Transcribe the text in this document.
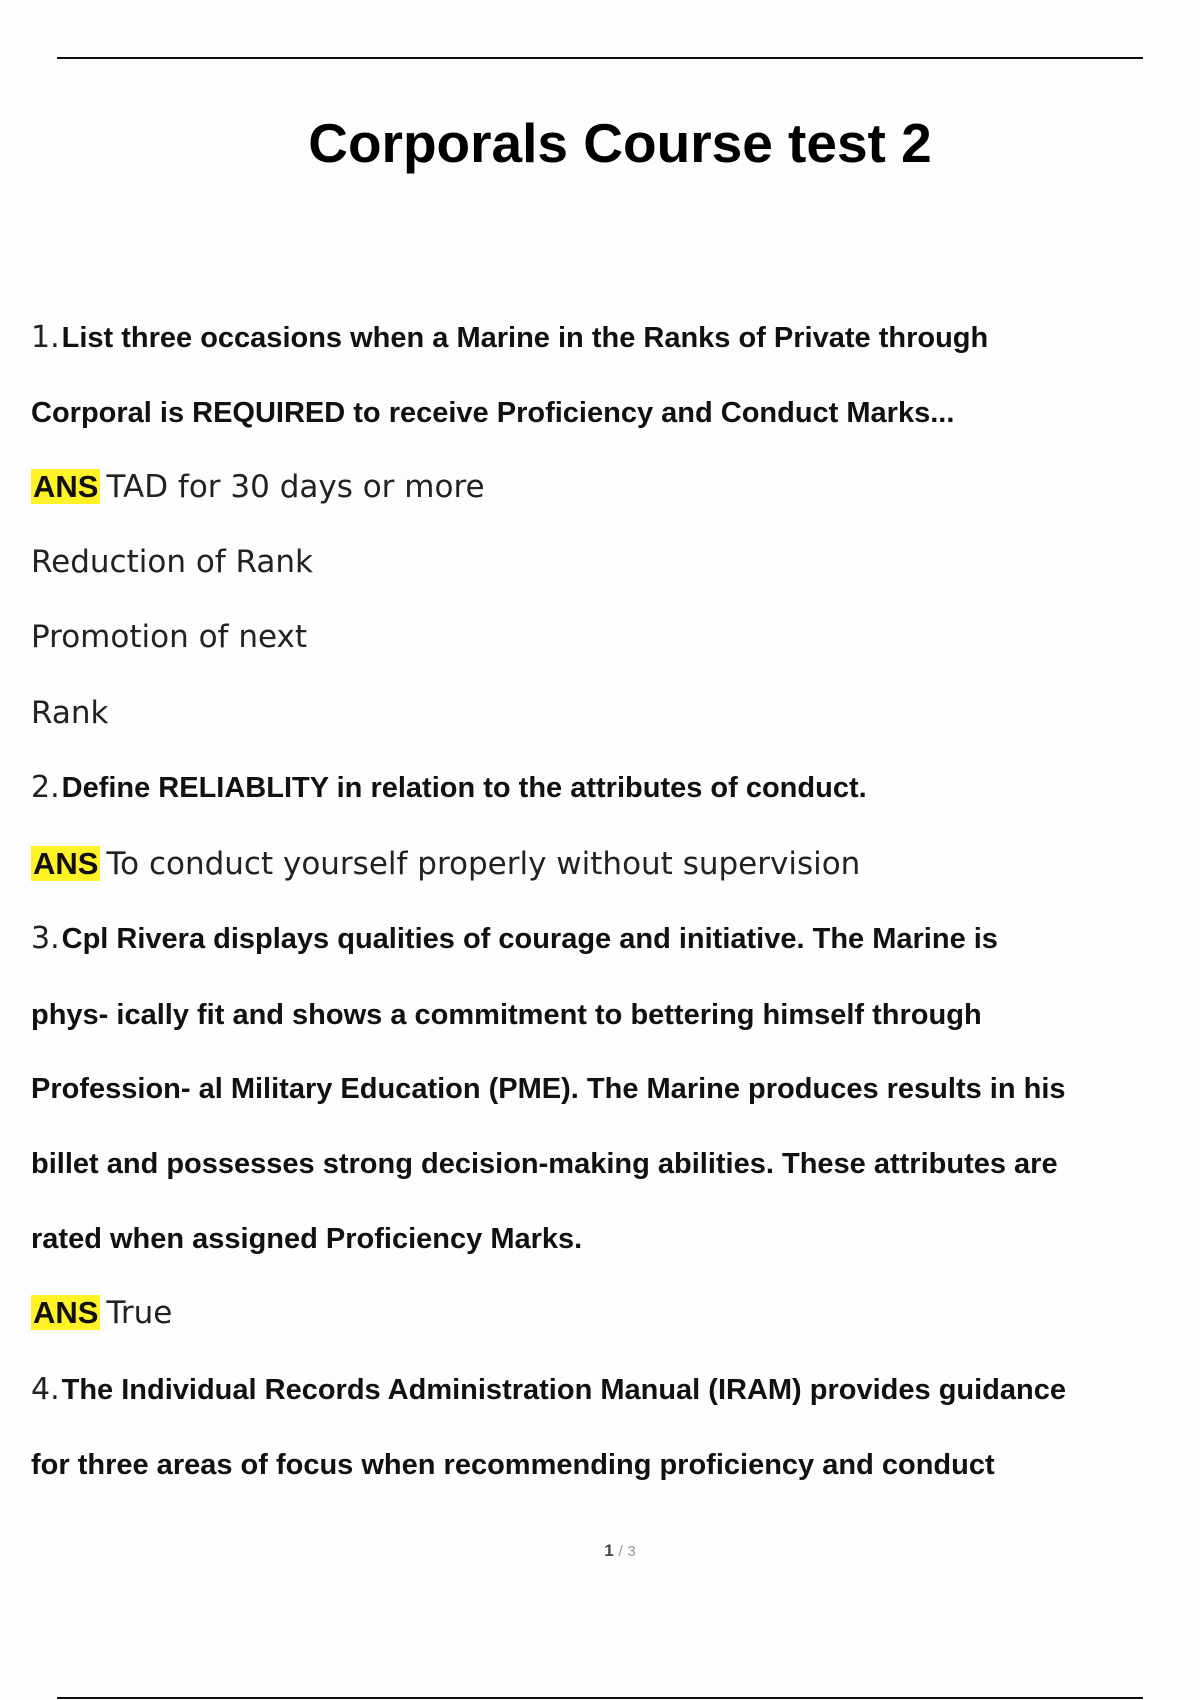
Corporals Course test 2
1.List three occasions when a Marine in the Ranks of Private through
Corporal is REQUIRED to receive Proficiency and Conduct Marks...
ANS TAD for 30 days or more
Reduction of Rank
Promotion of next
Rank
2.Define RELIABLITY in relation to the attributes of conduct.
ANS To conduct yourself properly without supervision
3.Cpl Rivera displays qualities of courage and initiative. The Marine is
phys- ically fit and shows a commitment to bettering himself through
Profession- al Military Education (PME). The Marine produces results in his
billet and possesses strong decision-making abilities. These attributes are
rated when assigned Proficiency Marks.
ANS True
4.The Individual Records Administration Manual (IRAM) provides guidance
for three areas of focus when recommending proficiency and conduct
1 / 3
